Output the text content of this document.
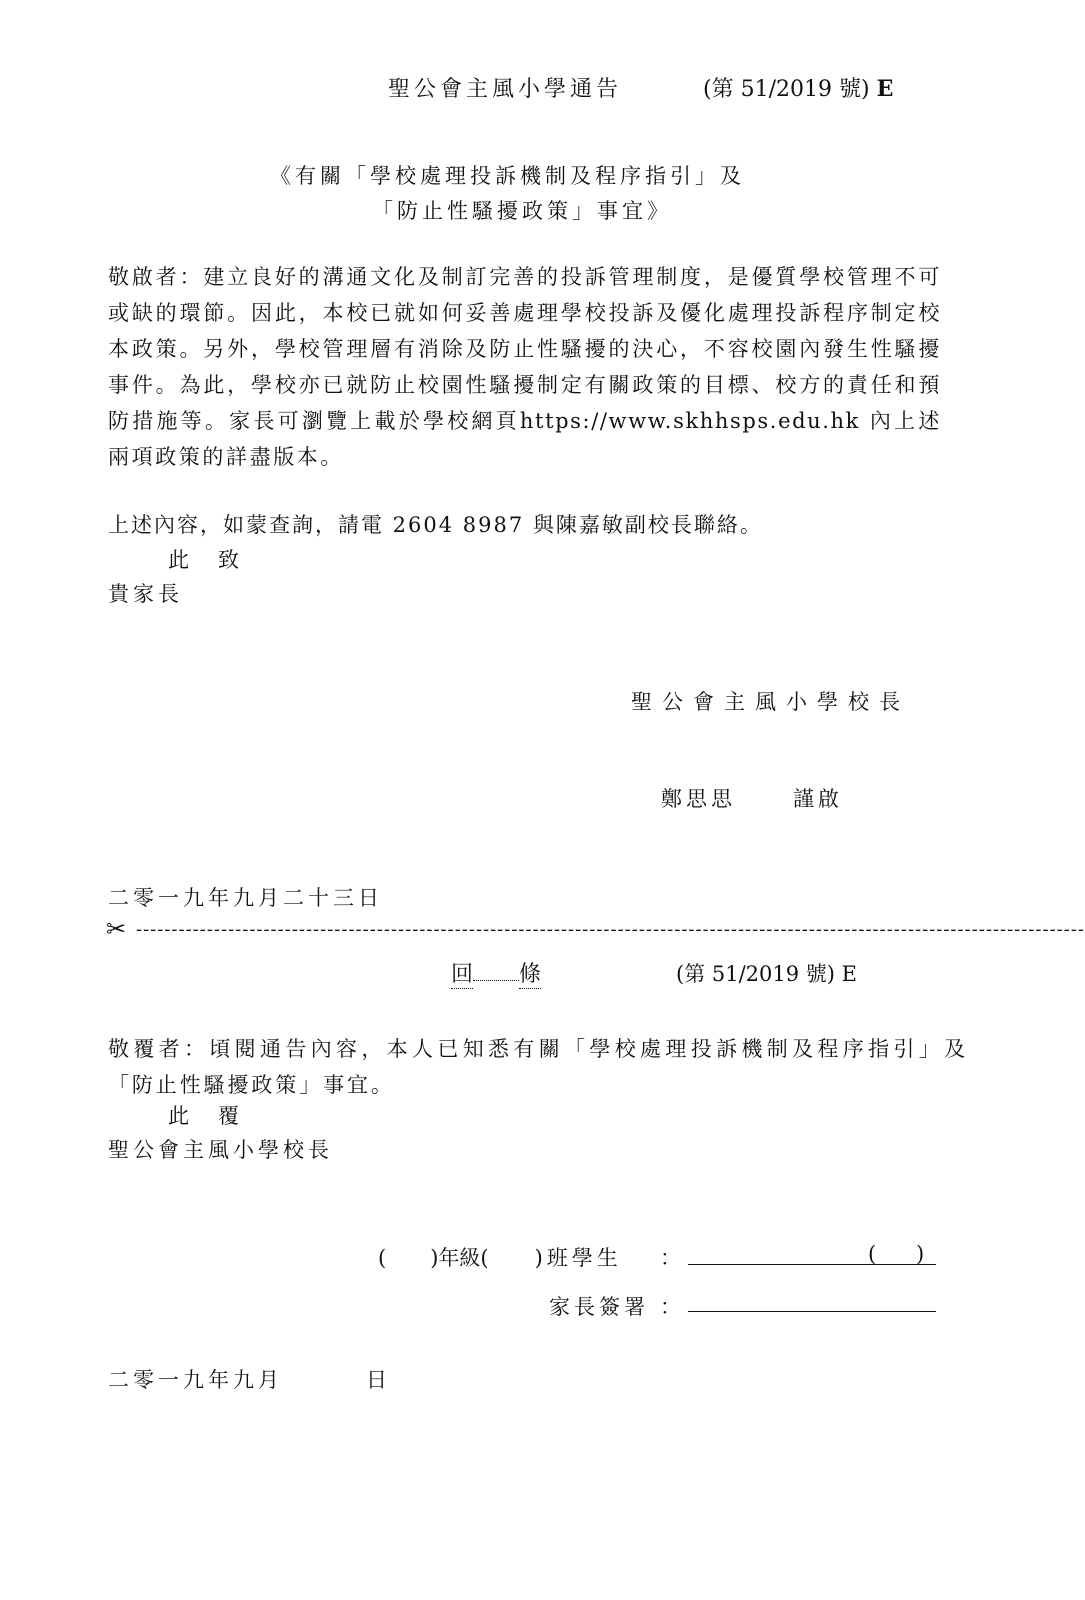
聖公會主風小學通告	(第 51/2019 號) E
《有關「學校處理投訴機制及程序指引」及
「防止性騷擾政策」事宜》
敬啟者：建立良好的溝通文化及制訂完善的投訴管理制度，是優質學校管理不可或缺的環節。因此，本校已就如何妥善處理學校投訴及優化處理投訴程序制定校本政策。另外，學校管理層有消除及防止性騷擾的決心，不容校園內發生性騷擾事件。為此，學校亦已就防止校園性騷擾制定有關政策的目標、校方的責任和預防措施等。家長可瀏覽上載於學校網頁https://www.skhhsps.edu.hk 內上述兩項政策的詳盡版本。
上述內容，如蒙查詢，請電 2604 8987 與陳嘉敏副校長聯絡。
此　致
貴家長
聖公會主風小學校長
鄭思思	謹啟
二零一九年九月二十三日
✂ --------------------------------------------------------------------------------------------------------------------------------------
回 條	(第 51/2019 號) E
敬覆者：頃閱通告內容，本人已知悉有關「學校處理投訴機制及程序指引」及「防止性騷擾政策」事宜。
此　覆
聖公會主風小學校長
( )年級( )班學生 ：	( )
家長簽署 ：
二零一九年九月	日
